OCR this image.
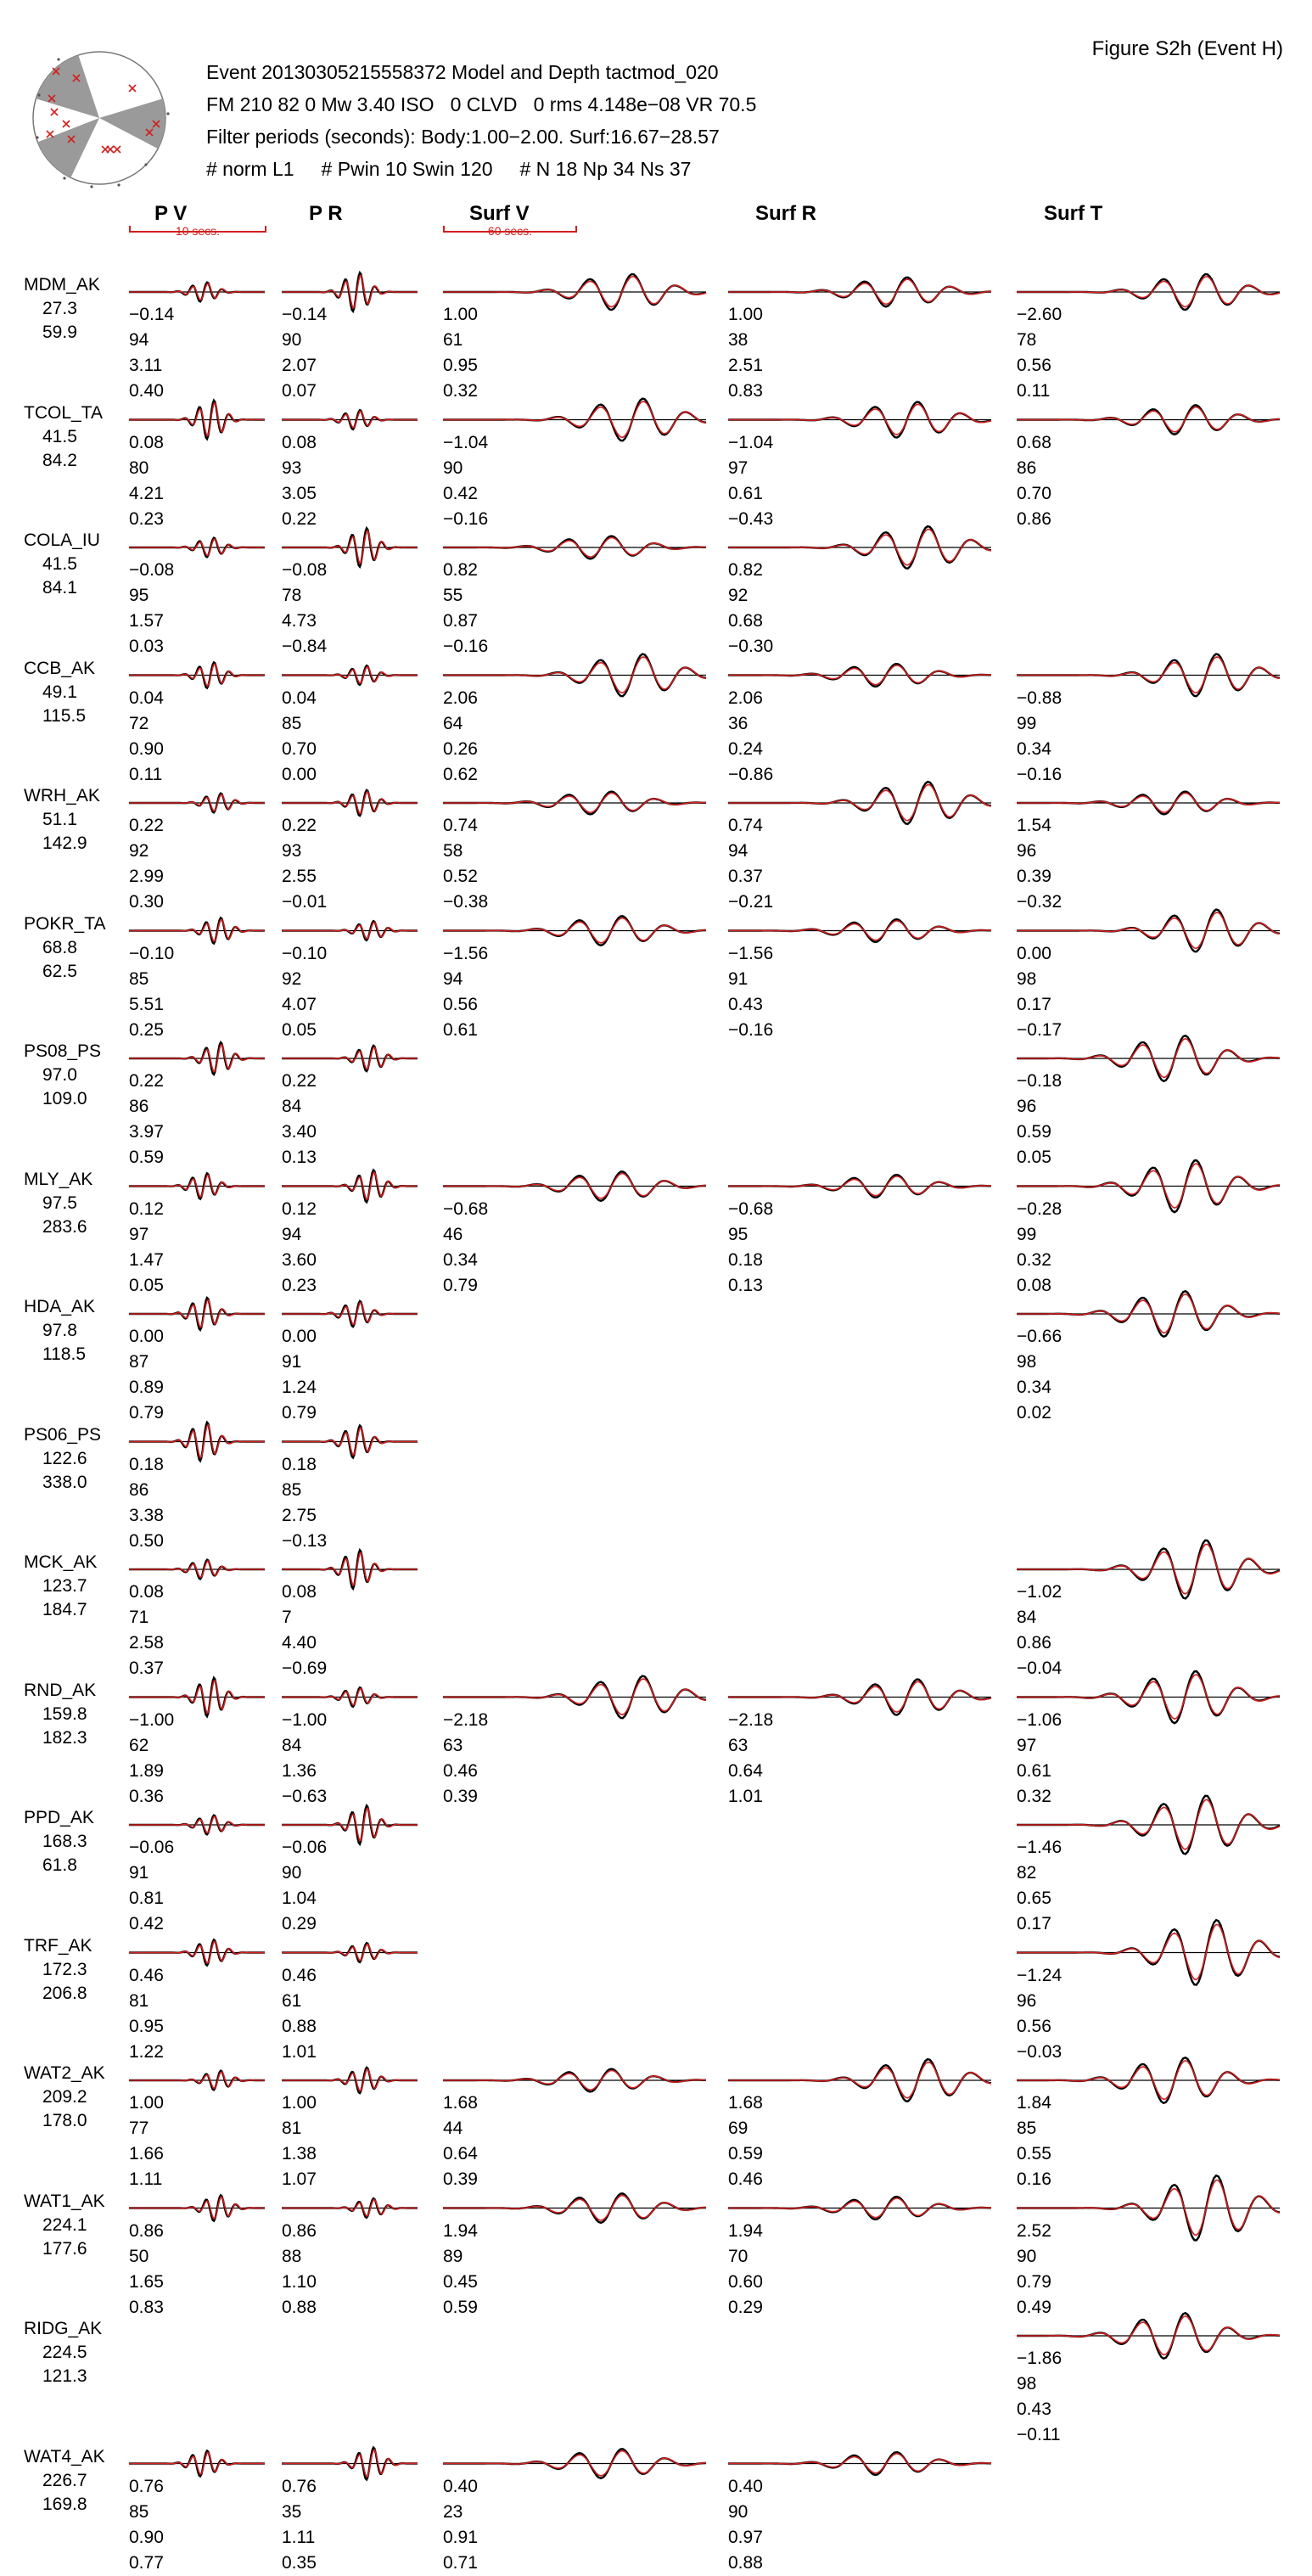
Figure S2h (Event H)
Event 20130305215558372 Model and Depth tactmod_020
FM 210 82 0 Mw 3.40 ISO   0 CLVD   0 rms 4.148e−08 VR 70.5
Filter periods (seconds): Body:1.00−2.00. Surf:16.67−28.57
# norm L1     # Pwin 10 Swin 120     # N 18 Np 34 Ns 37
P V
10 secs.
P R	Surf V
60 secs.
Surf R	Surf T
MDM_AK
27.3
59.9
−0.14
94
3.11
0.40
−0.14
90
2.07
0.07
1.00
61
0.95
0.32
1.00
38
2.51
0.83
−2.60
78
0.56
0.11
TCOL_TA
41.5
84.2
0.08
80
4.21
0.23
0.08
93
3.05
0.22
−1.04
90
0.42
−0.16
−1.04
97
0.61
−0.43
0.68
86
0.70
0.86
COLA_IU
41.5
84.1
−0.08
95
1.57
0.03
−0.08
78
4.73
−0.84
0.82
55
0.87
−0.16
0.82
92
0.68
−0.30
CCB_AK
49.1
115.5
0.04
72
0.90
0.11
0.04
85
0.70
0.00
2.06
64
0.26
0.62
2.06
36
0.24
−0.86
−0.88
99
0.34
−0.16
WRH_AK
51.1
142.9
0.22
92
2.99
0.30
0.22
93
2.55
−0.01
0.74
58
0.52
−0.38
0.74
94
0.37
−0.21
1.54
96
0.39
−0.32
POKR_TA
68.8
62.5
−0.10
85
5.51
0.25
−0.10
92
4.07
0.05
−1.56
94
0.56
0.61
−1.56
91
0.43
−0.16
0.00
98
0.17
−0.17
PS08_PS
97.0
109.0
0.22
86
3.97
0.59
0.22
84
3.40
0.13
−0.18
96
0.59
0.05
MLY_AK
97.5
283.6
0.12
97
1.47
0.05
0.12
94
3.60
0.23
−0.68
46
0.34
0.79
−0.68
95
0.18
0.13
−0.28
99
0.32
0.08
HDA_AK
97.8
118.5
0.00
87
0.89
0.79
0.00
91
1.24
0.79
−0.66
98
0.34
0.02
PS06_PS
122.6
338.0
0.18
86
3.38
0.50
0.18
85
2.75
−0.13
MCK_AK
123.7
184.7
0.08
71
2.58
0.37
0.08
7
4.40
−0.69
−1.02
84
0.86
−0.04
RND_AK
159.8
182.3
−1.00
62
1.89
0.36
−1.00
84
1.36
−0.63
−2.18
63
0.46
0.39
−2.18
63
0.64
1.01
−1.06
97
0.61
0.32
PPD_AK
168.3
61.8
−0.06
91
0.81
0.42
−0.06
90
1.04
0.29
−1.46
82
0.65
0.17
TRF_AK
172.3
206.8
0.46
81
0.95
1.22
0.46
61
0.88
1.01
−1.24
96
0.56
−0.03
WAT2_AK
209.2
178.0
1.00
77
1.66
1.11
1.00
81
1.38
1.07
1.68
44
0.64
0.39
1.68
69
0.59
0.46
1.84
85
0.55
0.16
WAT1_AK
224.1
177.6
0.86
50
1.65
0.83
0.86
88
1.10
0.88
1.94
89
0.45
0.59
1.94
70
0.60
0.29
2.52
90
0.79
0.49
RIDG_AK
224.5
121.3
−1.86
98
0.43
−0.11
WAT4_AK
226.7
169.8
0.76
85
0.90
0.77
0.76
35
1.11
0.35
0.40
23
0.91
0.71
0.40
90
0.97
0.88
